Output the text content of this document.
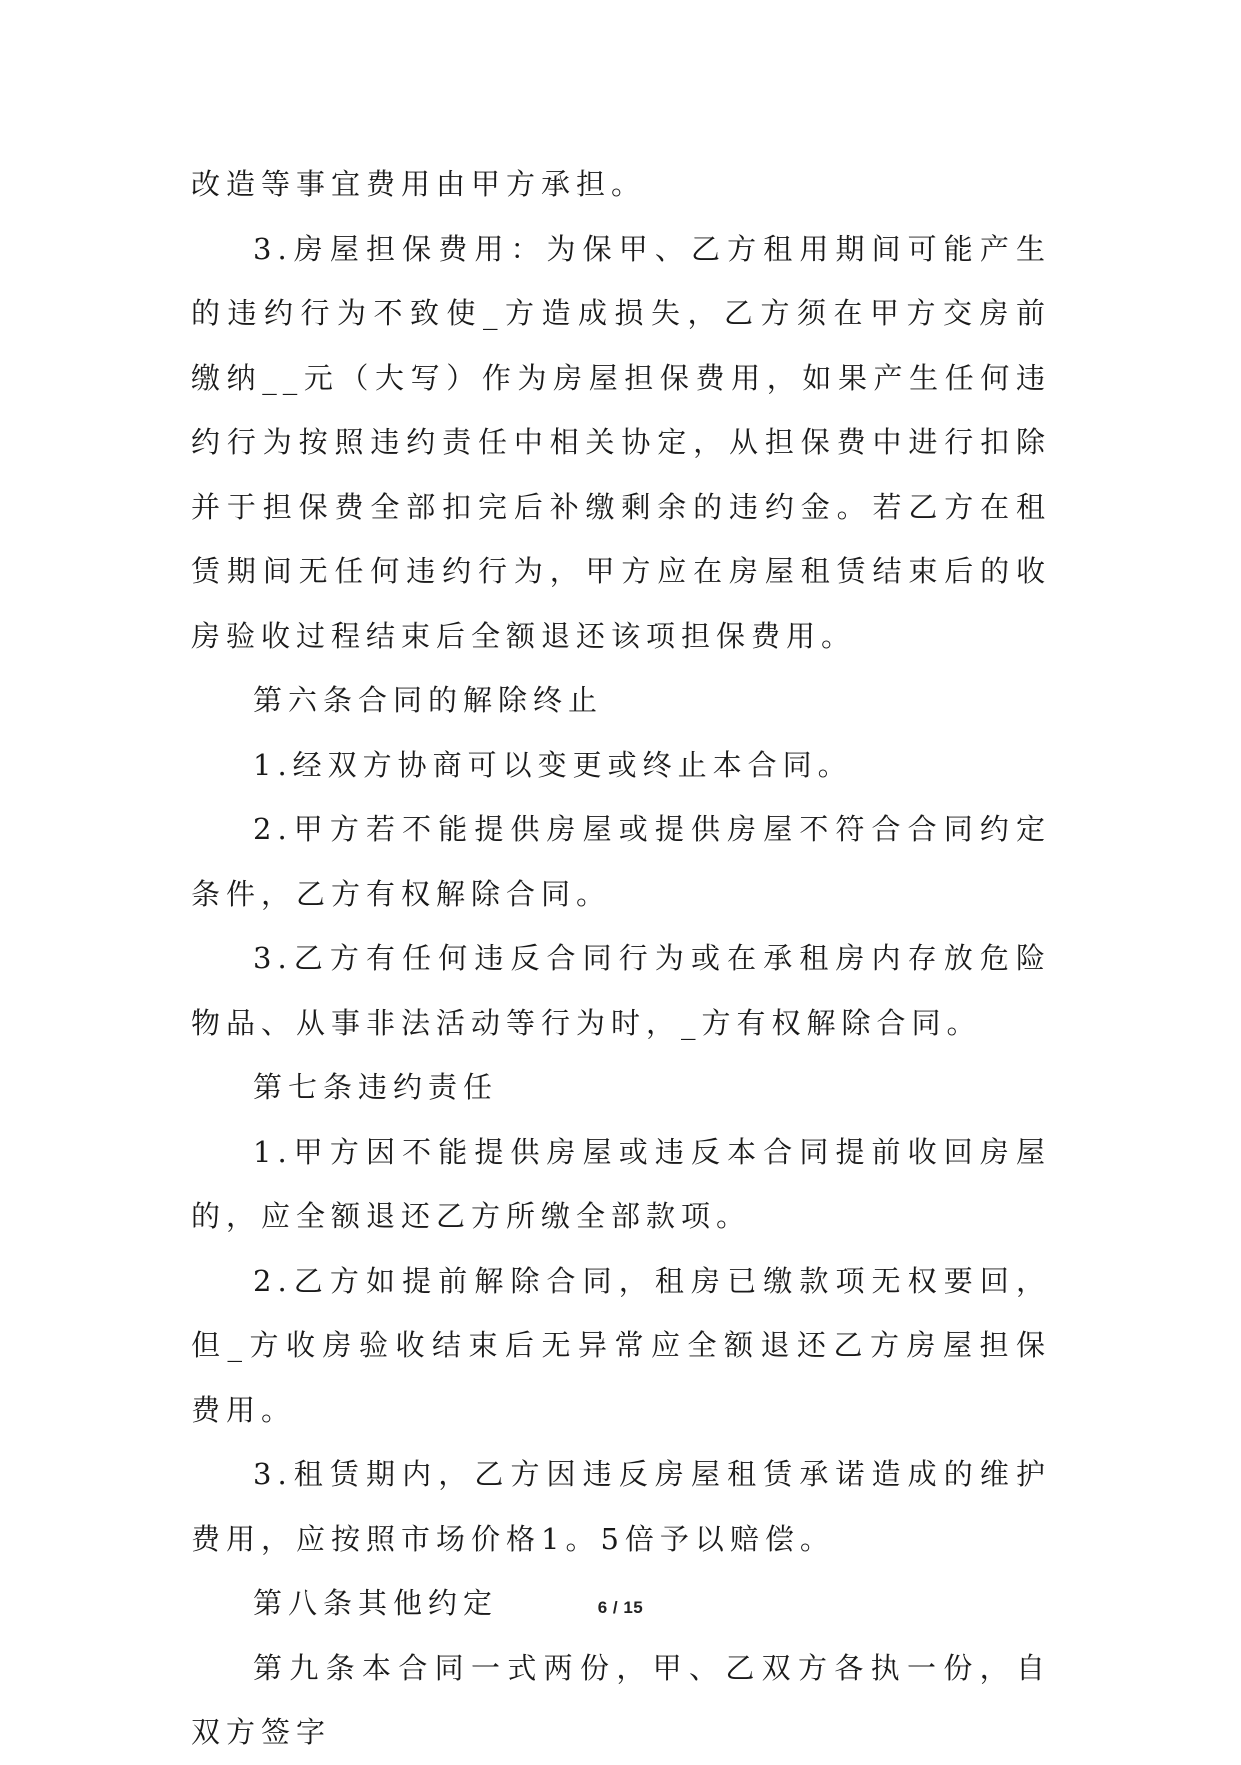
改造等事宜费用由甲方承担。

3.房屋担保费用：为保甲、乙方租用期间可能产生的违约行为不致使_方造成损失，乙方须在甲方交房前缴纳__元（大写）作为房屋担保费用，如果产生任何违约行为按照违约责任中相关协定，从担保费中进行扣除并于担保费全部扣完后补缴剩余的违约金。若乙方在租赁期间无任何违约行为，甲方应在房屋租赁结束后的收房验收过程结束后全额退还该项担保费用。

第六条合同的解除终止

1.经双方协商可以变更或终止本合同。

2.甲方若不能提供房屋或提供房屋不符合合同约定条件，乙方有权解除合同。

3.乙方有任何违反合同行为或在承租房内存放危险物品、从事非法活动等行为时，_方有权解除合同。

第七条违约责任

1.甲方因不能提供房屋或违反本合同提前收回房屋的，应全额退还乙方所缴全部款项。

2.乙方如提前解除合同，租房已缴款项无权要回，但_方收房验收结束后无异常应全额退还乙方房屋担保费用。

3.租赁期内，乙方因违反房屋租赁承诺造成的维护费用，应按照市场价格1。5倍予以赔偿。

第八条其他约定

第九条本合同一式两份，甲、乙双方各执一份，自双方签字

6 / 15
